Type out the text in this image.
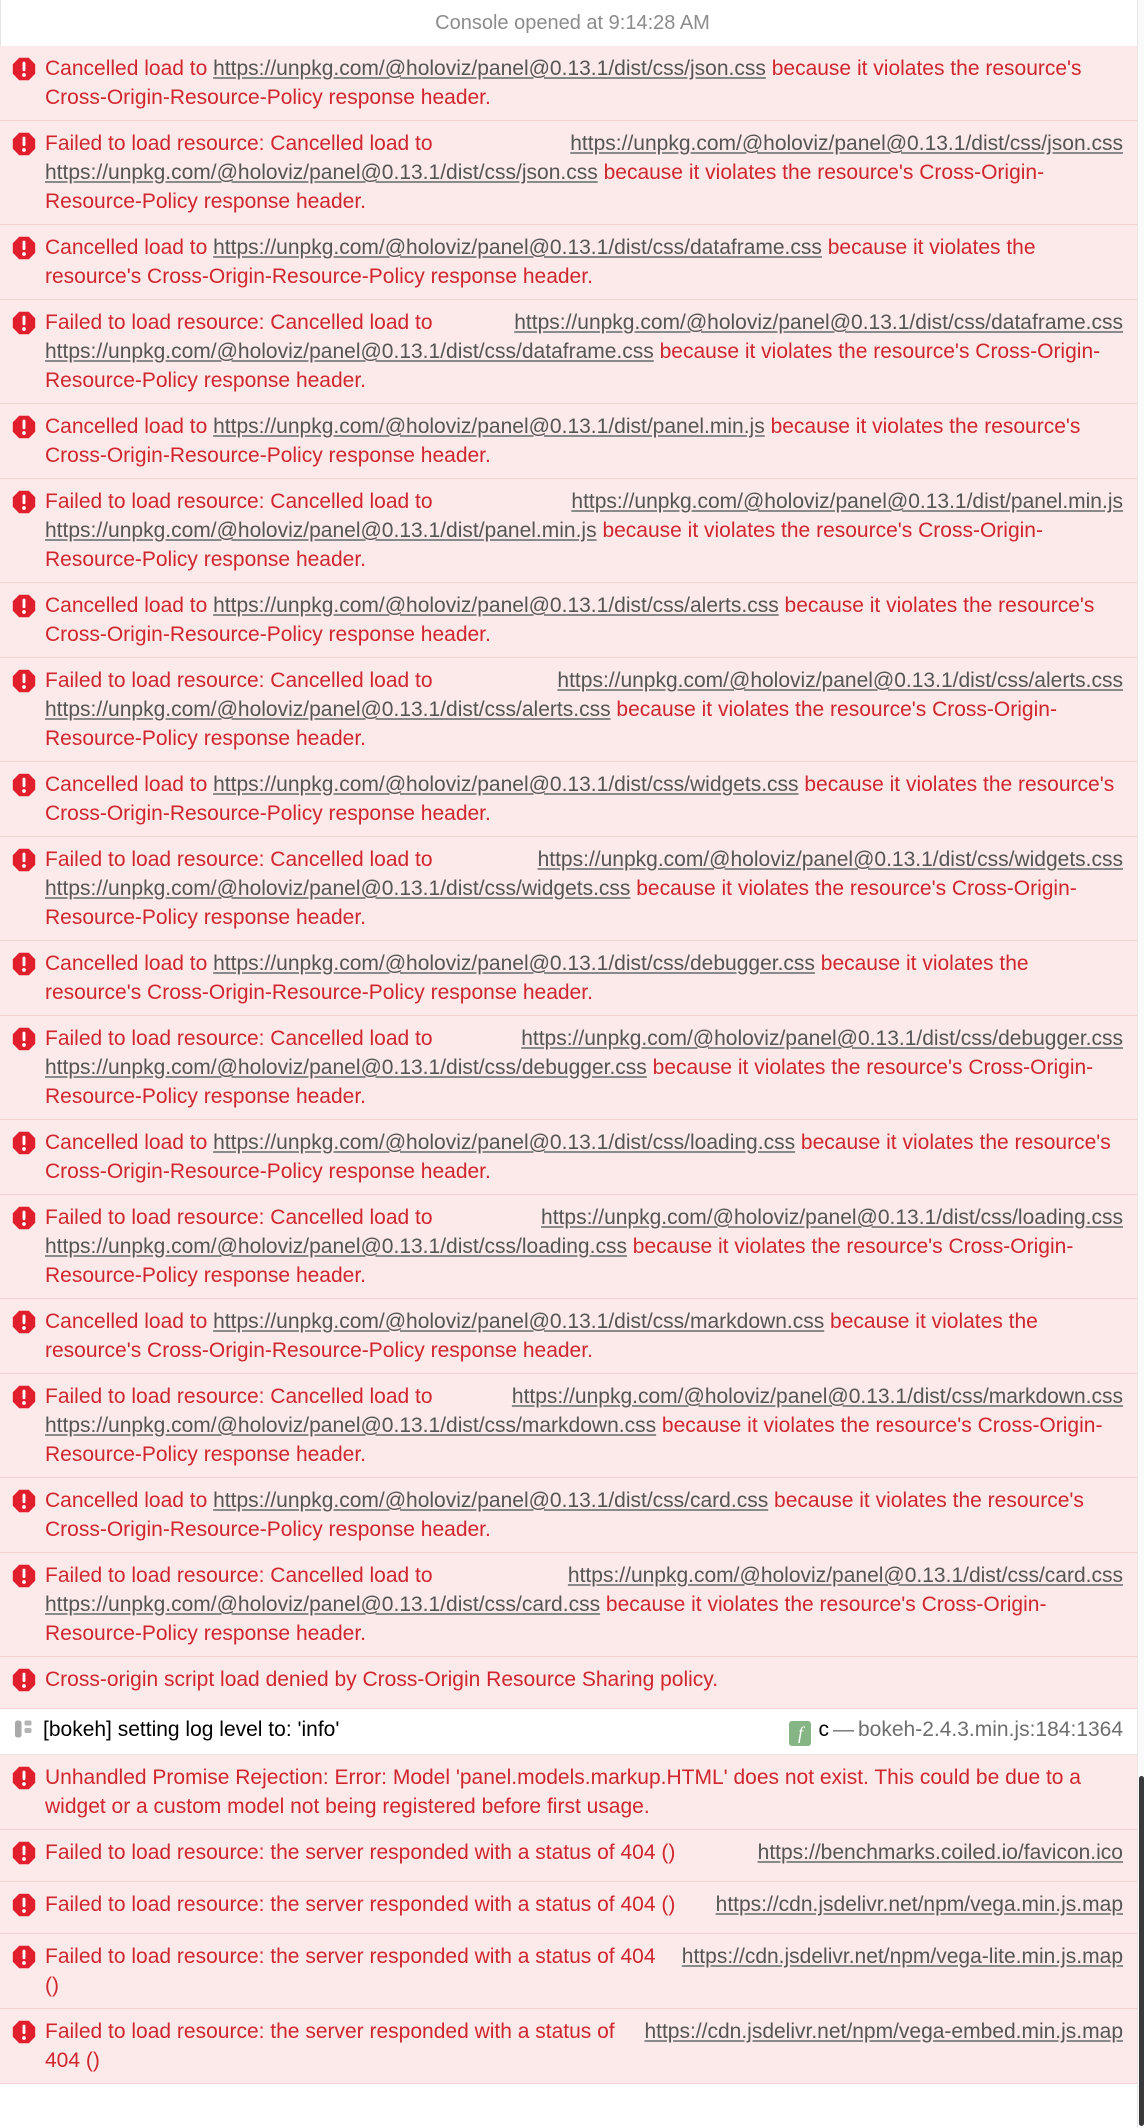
Console opened at 9:14:28 AM
Cancelled load to https://unpkg.com/@holoviz/panel@0.13.1/dist/css/json.css because it violates the resource's Cross-Origin-Resource-Policy response header.
https://unpkg.com/@holoviz/panel@0.13.1/dist/css/json.css
Failed to load resource: Cancelled load to https://unpkg.com/@holoviz/panel@0.13.1/dist/css/json.css because it violates the resource's Cross-Origin-Resource-Policy response header.
Cancelled load to https://unpkg.com/@holoviz/panel@0.13.1/dist/css/dataframe.css because it violates the resource's Cross-Origin-Resource-Policy response header.
https://unpkg.com/@holoviz/panel@0.13.1/dist/css/dataframe.css
Failed to load resource: Cancelled load to https://unpkg.com/@holoviz/panel@0.13.1/dist/css/dataframe.css because it violates the resource's Cross-Origin-Resource-Policy response header.
Cancelled load to https://unpkg.com/@holoviz/panel@0.13.1/dist/panel.min.js because it violates the resource's Cross-Origin-Resource-Policy response header.
https://unpkg.com/@holoviz/panel@0.13.1/dist/panel.min.js
Failed to load resource: Cancelled load to https://unpkg.com/@holoviz/panel@0.13.1/dist/panel.min.js because it violates the resource's Cross-Origin-Resource-Policy response header.
Cancelled load to https://unpkg.com/@holoviz/panel@0.13.1/dist/css/alerts.css because it violates the resource's Cross-Origin-Resource-Policy response header.
https://unpkg.com/@holoviz/panel@0.13.1/dist/css/alerts.css
Failed to load resource: Cancelled load to https://unpkg.com/@holoviz/panel@0.13.1/dist/css/alerts.css because it violates the resource's Cross-Origin-Resource-Policy response header.
Cancelled load to https://unpkg.com/@holoviz/panel@0.13.1/dist/css/widgets.css because it violates the resource's Cross-Origin-Resource-Policy response header.
https://unpkg.com/@holoviz/panel@0.13.1/dist/css/widgets.css
Failed to load resource: Cancelled load to https://unpkg.com/@holoviz/panel@0.13.1/dist/css/widgets.css because it violates the resource's Cross-Origin-Resource-Policy response header.
Cancelled load to https://unpkg.com/@holoviz/panel@0.13.1/dist/css/debugger.css because it violates the resource's Cross-Origin-Resource-Policy response header.
https://unpkg.com/@holoviz/panel@0.13.1/dist/css/debugger.css
Failed to load resource: Cancelled load to https://unpkg.com/@holoviz/panel@0.13.1/dist/css/debugger.css because it violates the resource's Cross-Origin-Resource-Policy response header.
Cancelled load to https://unpkg.com/@holoviz/panel@0.13.1/dist/css/loading.css because it violates the resource's Cross-Origin-Resource-Policy response header.
https://unpkg.com/@holoviz/panel@0.13.1/dist/css/loading.css
Failed to load resource: Cancelled load to https://unpkg.com/@holoviz/panel@0.13.1/dist/css/loading.css because it violates the resource's Cross-Origin-Resource-Policy response header.
Cancelled load to https://unpkg.com/@holoviz/panel@0.13.1/dist/css/markdown.css because it violates the resource's Cross-Origin-Resource-Policy response header.
https://unpkg.com/@holoviz/panel@0.13.1/dist/css/markdown.css
Failed to load resource: Cancelled load to https://unpkg.com/@holoviz/panel@0.13.1/dist/css/markdown.css because it violates the resource's Cross-Origin-Resource-Policy response header.
Cancelled load to https://unpkg.com/@holoviz/panel@0.13.1/dist/css/card.css because it violates the resource's Cross-Origin-Resource-Policy response header.
https://unpkg.com/@holoviz/panel@0.13.1/dist/css/card.css
Failed to load resource: Cancelled load to https://unpkg.com/@holoviz/panel@0.13.1/dist/css/card.css because it violates the resource's Cross-Origin-Resource-Policy response header.
Cross-origin script load denied by Cross-Origin Resource Sharing policy.
f c — bokeh-2.4.3.min.js:184:1364
[bokeh] setting log level to: 'info'
Unhandled Promise Rejection: Error: Model 'panel.models.markup.HTML' does not exist. This could be due to a widget or a custom model not being registered before first usage.
https://benchmarks.coiled.io/favicon.ico
Failed to load resource: the server responded with a status of 404 ()
https://cdn.jsdelivr.net/npm/vega.min.js.map
Failed to load resource: the server responded with a status of 404 ()
https://cdn.jsdelivr.net/npm/vega-lite.min.js.map
Failed to load resource: the server responded with a status of 404 ()
https://cdn.jsdelivr.net/npm/vega-embed.min.js.map
Failed to load resource: the server responded with a status of 404 ()
